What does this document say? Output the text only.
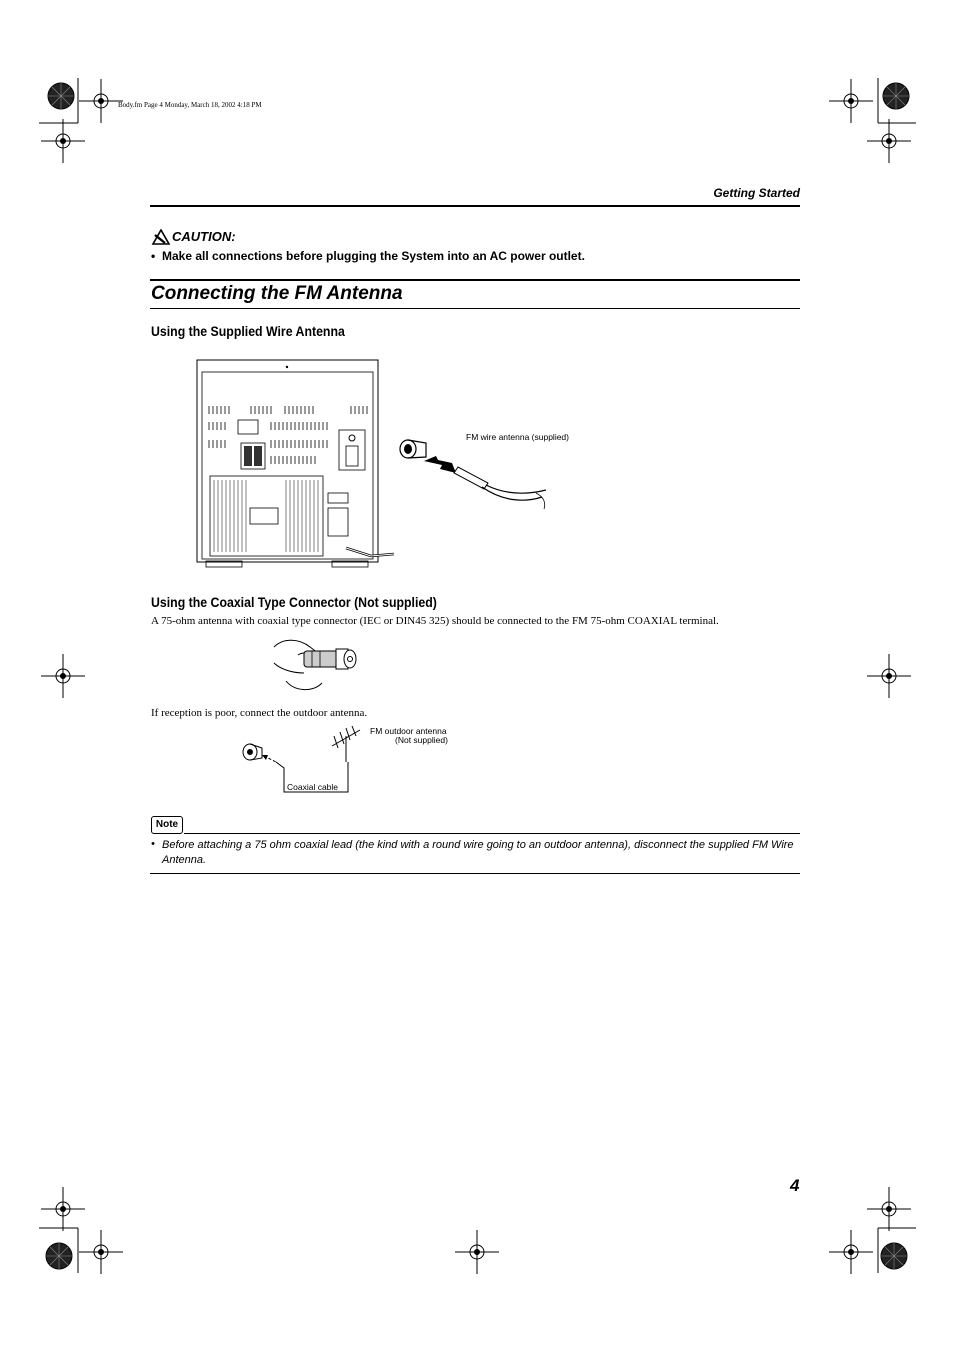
Body.fm Page 4 Monday, March 18, 2002 4:18 PM
Getting Started
CAUTION:
• Make all connections before plugging the System into an AC power outlet.
Connecting the FM Antenna
Using the Supplied Wire Antenna
FM wire antenna (supplied)
Using the Coaxial Type Connector (Not supplied)
A 75-ohm antenna with coaxial type connector (IEC or DIN45 325) should be connected to the FM 75-ohm COAXIAL terminal.
If reception is poor, connect the outdoor antenna.
FM outdoor antenna
(Not supplied)
Coaxial cable
Note
• Before attaching a 75 ohm coaxial lead (the kind with a round wire going to an outdoor antenna), disconnect the supplied FM Wire Antenna.
4
